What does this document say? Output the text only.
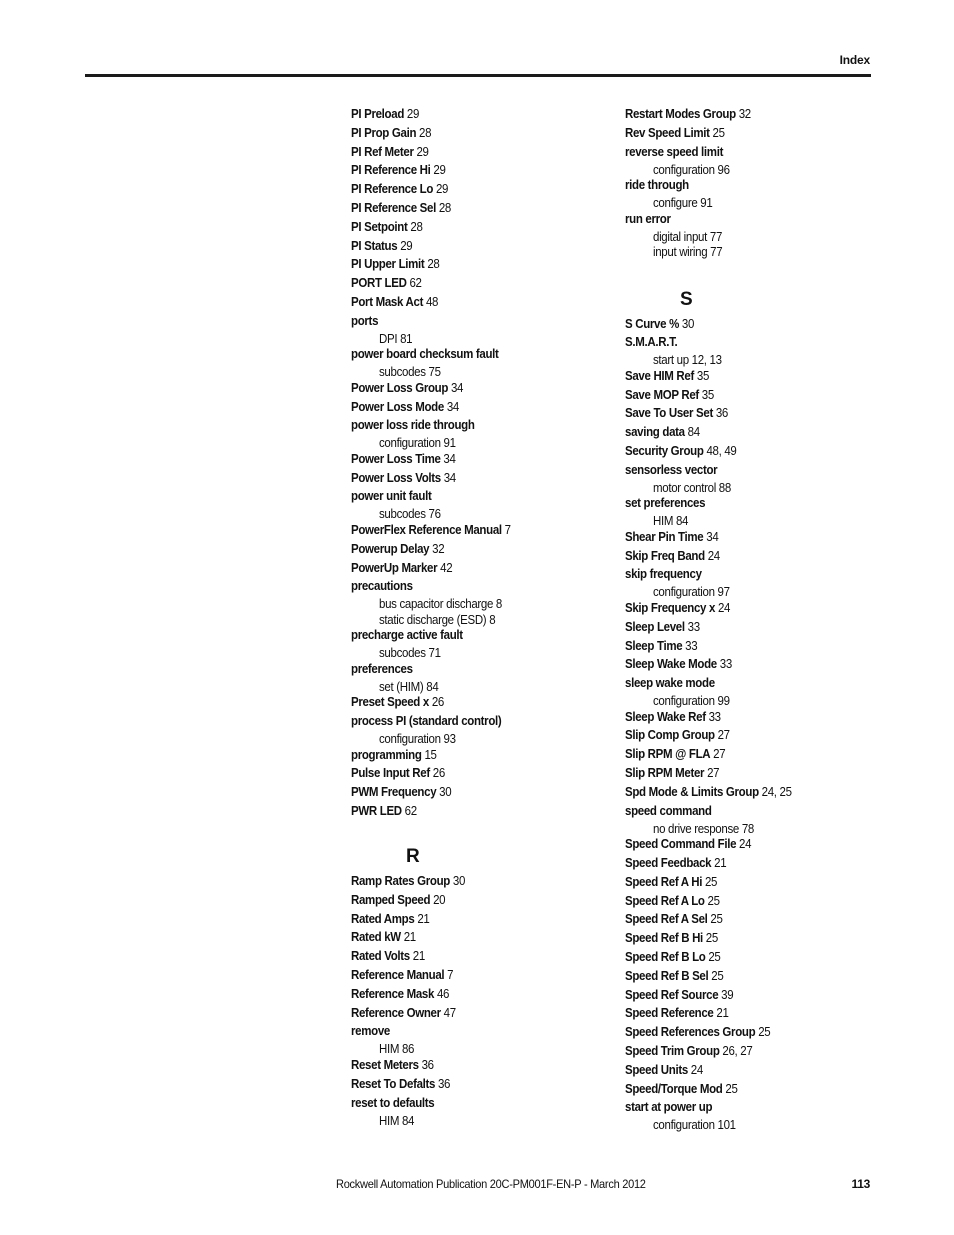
Index
PI Preload 29
PI Prop Gain 28
PI Ref Meter 29
PI Reference Hi 29
PI Reference Lo 29
PI Reference Sel 28
PI Setpoint 28
PI Status 29
PI Upper Limit 28
PORT LED 62
Port Mask Act 48
ports
DPI 81
power board checksum fault
subcodes 75
Power Loss Group 34
Power Loss Mode 34
power loss ride through
configuration 91
Power Loss Time 34
Power Loss Volts 34
power unit fault
subcodes 76
PowerFlex Reference Manual 7
Powerup Delay 32
PowerUp Marker 42
precautions
bus capacitor discharge 8
static discharge (ESD) 8
precharge active fault
subcodes 71
preferences
set (HIM) 84
Preset Speed x 26
process PI (standard control)
configuration 93
programming 15
Pulse Input Ref 26
PWM Frequency 30
PWR LED 62
R
Ramp Rates Group 30
Ramped Speed 20
Rated Amps 21
Rated kW 21
Rated Volts 21
Reference Manual 7
Reference Mask 46
Reference Owner 47
remove
HIM 86
Reset Meters 36
Reset To Defalts 36
reset to defaults
HIM 84
Restart Modes Group 32
Rev Speed Limit 25
reverse speed limit
configuration 96
ride through
configure 91
run error
digital input 77
input wiring 77
S
S Curve % 30
S.M.A.R.T.
start up 12, 13
Save HIM Ref 35
Save MOP Ref 35
Save To User Set 36
saving data 84
Security Group 48, 49
sensorless vector
motor control 88
set preferences
HIM 84
Shear Pin Time 34
Skip Freq Band 24
skip frequency
configuration 97
Skip Frequency x 24
Sleep Level 33
Sleep Time 33
Sleep Wake Mode 33
sleep wake mode
configuration 99
Sleep Wake Ref 33
Slip Comp Group 27
Slip RPM @ FLA 27
Slip RPM Meter 27
Spd Mode & Limits Group 24, 25
speed command
no drive response 78
Speed Command File 24
Speed Feedback 21
Speed Ref A Hi 25
Speed Ref A Lo 25
Speed Ref A Sel 25
Speed Ref B Hi 25
Speed Ref B Lo 25
Speed Ref B Sel 25
Speed Ref Source 39
Speed Reference 21
Speed References Group 25
Speed Trim Group 26, 27
Speed Units 24
Speed/Torque Mod 25
start at power up
configuration 101
Rockwell Automation Publication 20C-PM001F-EN-P - March 2012	113
